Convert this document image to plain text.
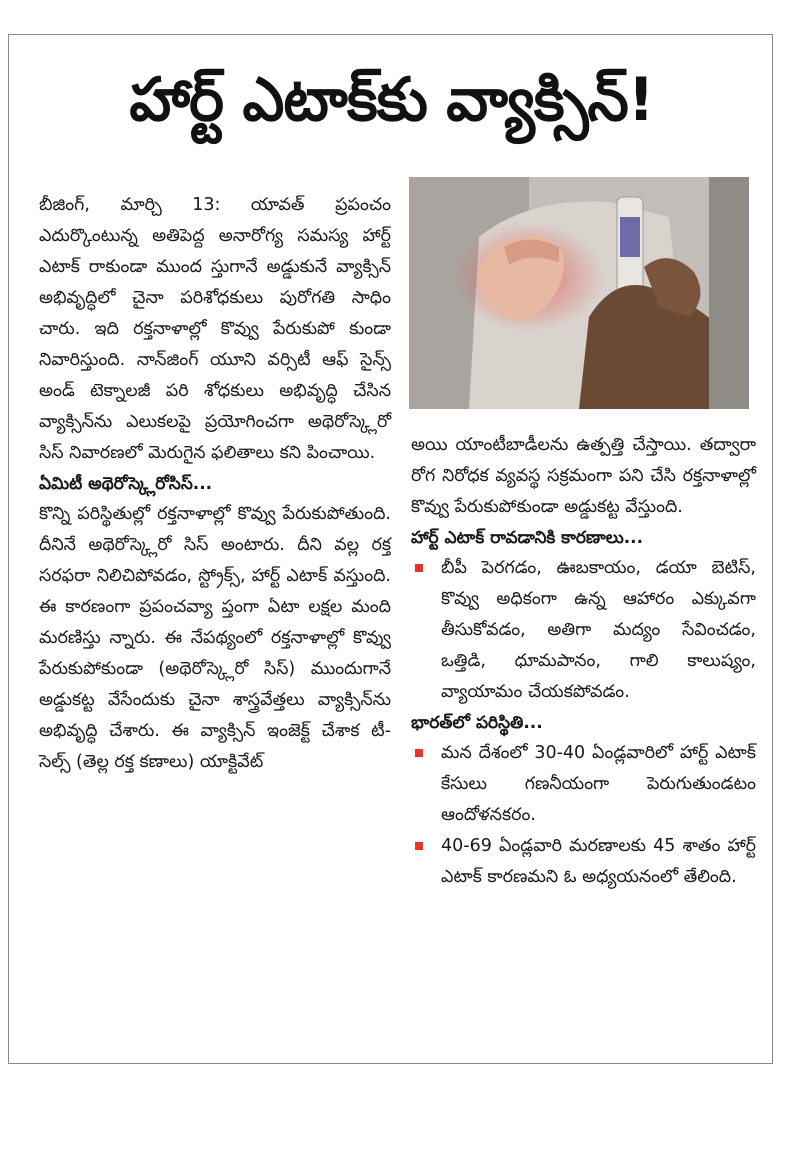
హార్ట్ ఎటాక్‌కు వ్యాక్సిన్!

బీజింగ్, మార్చి 13: యావత్ ప్రపంచం ఎదుర్కొంటున్న అతిపెద్ద అనారోగ్య సమస్య హార్ట్ ఎటాక్ రాకుండా ముంద స్తుగానే అడ్డుకునే వ్యాక్సిన్ అభివృద్ధిలో చైనా పరిశోధకులు పురోగతి సాధిం చారు. ఇది రక్తనాళాల్లో కొవ్వు పేరుకుపో కుండా నివారిస్తుంది. నాన్‌జింగ్ యూని వర్సిటీ ఆఫ్ సైన్స్ అండ్ టెక్నాలజీ పరి శోధకులు అభివృద్ధి చేసిన వ్యాక్సిన్‌ను ఎలుకలపై ప్రయోగించగా అథెరోస్క్లెరో సిస్ నివారణలో మెరుగైన ఫలితాలు కని పించాయి.

ఏమిటీ అథెరోస్క్లెరోసిస్...

కొన్ని పరిస్థితుల్లో రక్తనాళాల్లో కొవ్వు పేరుకుపోతుంది. దీనినే అథెరోస్క్లెరో సిస్ అంటారు. దీని వల్ల రక్త సరఫరా నిలిచిపోవడం, స్ట్రోక్స్, హార్ట్ ఎటాక్ వస్తుంది. ఈ కారణంగా ప్రపంచవ్యా ప్తంగా ఏటా లక్షల మంది మరణిస్తు న్నారు. ఈ నేపథ్యంలో రక్తనాళాల్లో కొవ్వు పేరుకుపోకుండా (అథెరోస్క్లెరో సిస్) ముందుగానే అడ్డుకట్ట వేసేందుకు చైనా శాస్త్రవేత్తలు వ్యాక్సిన్‌ను అభివృద్ధి చేశారు. ఈ వ్యాక్సిన్ ఇంజెక్ట్ చేశాక టీ- సెల్స్ (తెల్ల రక్త కణాలు) యాక్టివేట్

అయి యాంటీబాడీలను ఉత్పత్తి చేస్తాయి. తద్వారా రోగ నిరోధక వ్యవస్థ సక్రమంగా పని చేసి రక్తనాళాల్లో కొవ్వు పేరుకుపోకుండా అడ్డుకట్ట వేస్తుంది.

హార్ట్ ఎటాక్ రావడానికి కారణాలు...

బీపీ పెరగడం, ఊబకాయం, డయా బెటిస్, కొవ్వు అధికంగా ఉన్న ఆహారం ఎక్కువగా తీసుకోవడం, అతిగా మద్యం సేవించడం, ఒత్తిడి, ధూమపానం, గాలి కాలుష్యం, వ్యాయామం చేయకపోవడం.

భారత్‌లో పరిస్థితి...

మన దేశంలో 30-40 ఏండ్లవారిలో హార్ట్ ఎటాక్ కేసులు గణనీయంగా పెరుగుతుండటం ఆందోళనకరం.

40-69 ఏండ్లవారి మరణాలకు 45 శాతం హార్ట్ ఎటాక్ కారణమని ఓ అధ్యయనంలో తేలింది.
